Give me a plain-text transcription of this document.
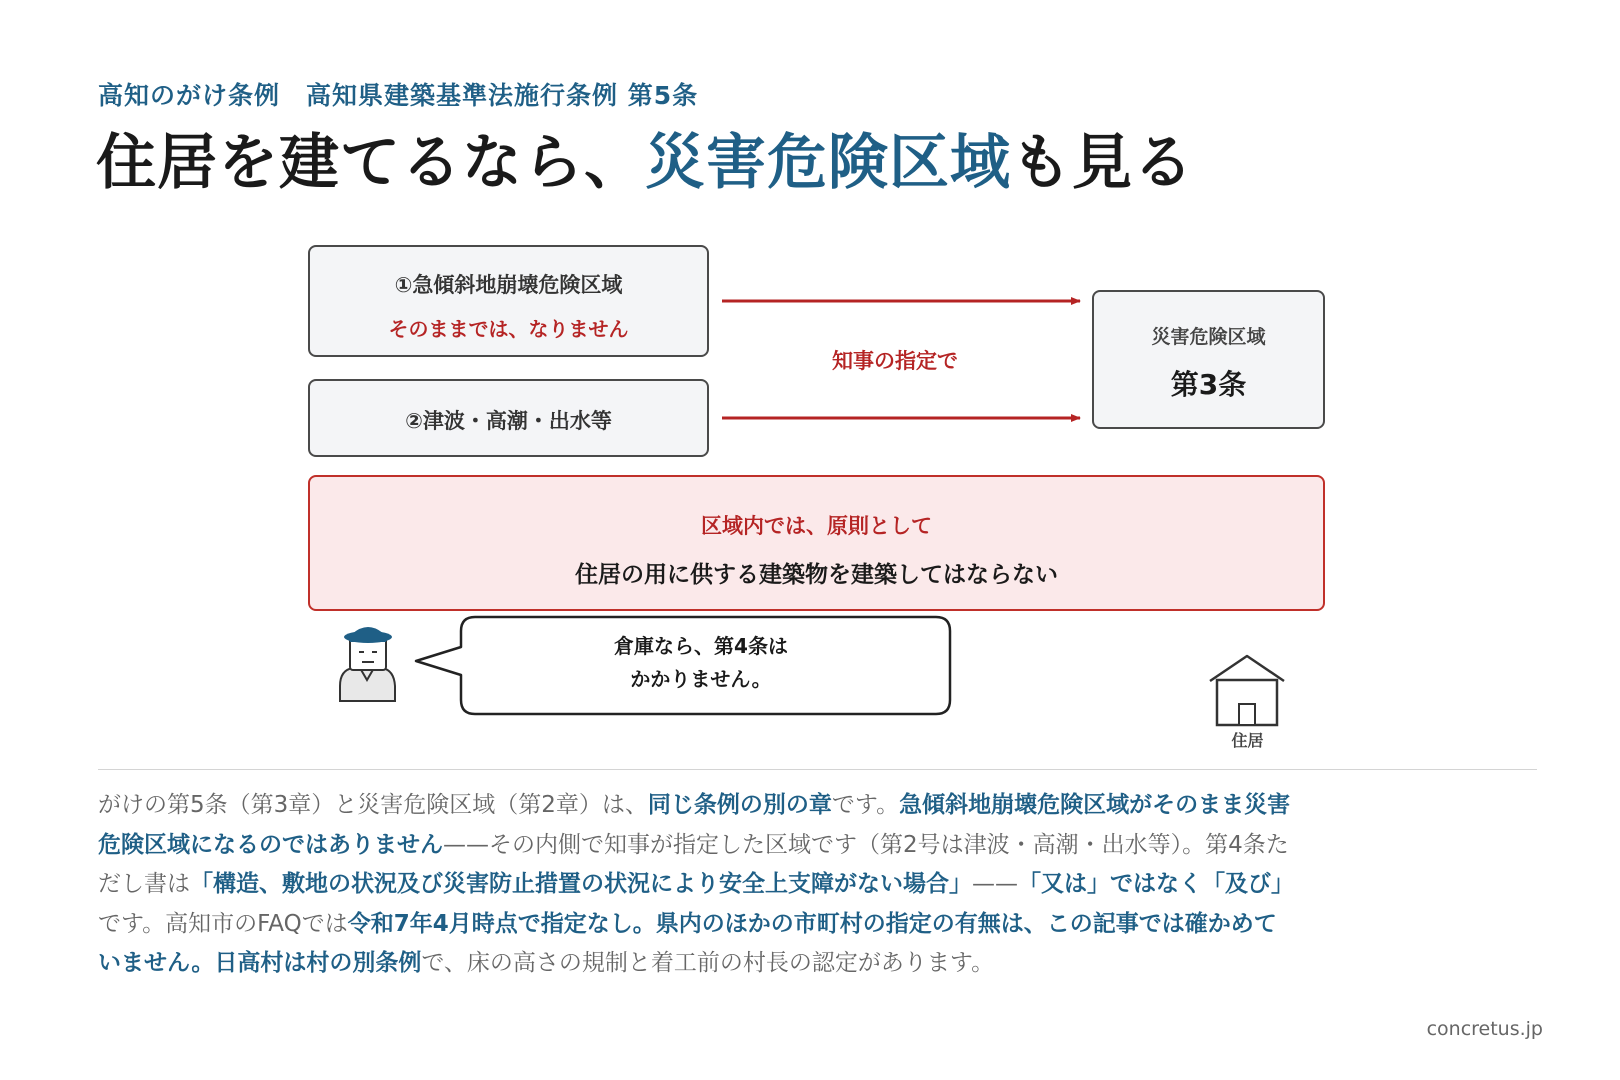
高知のがけ条例　高知県建築基準法施行条例 第5条
住居を建てるなら、災害危険区域も見る
①急傾斜地崩壊危険区域
そのままでは、なりません
②津波・高潮・出水等
災害危険区域
第3条
知事の指定で
区域内では、原則として
住居の用に供する建築物を建築してはならない
倉庫なら、第4条は
かかりません。
住居
がけの第5条（第3章）と災害危険区域（第2章）は、同じ条例の別の章です。急傾斜地崩壊危険区域がそのまま災害危険区域になるのではありません——その内側で知事が指定した区域です（第2号は津波・高潮・出水等）。第4条ただし書は「構造、敷地の状況及び災害防止措置の状況により安全上支障がない場合」——「又は」ではなく「及び」です。高知市のFAQでは令和7年4月時点で指定なし。県内のほかの市町村の指定の有無は、この記事では確かめていません。日高村は村の別条例で、床の高さの規制と着工前の村長の認定があります。
concretus.jp
